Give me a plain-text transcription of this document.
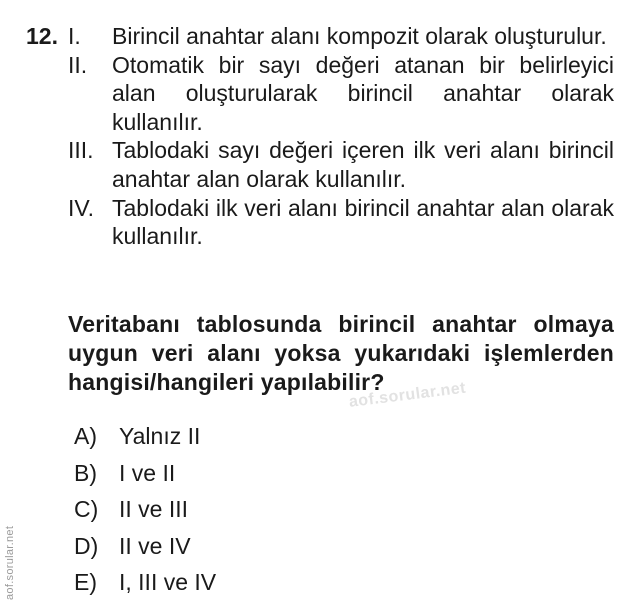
12. I.	Birincil anahtar alanı kompozit olarak oluşturulur.
II.	Otomatik bir sayı değeri atanan bir belirleyici alan oluşturularak birincil anahtar olarak kullanılır.
III. Tablodaki sayı değeri içeren ilk veri alanı birincil anahtar alan olarak kullanılır.
IV. Tablodaki ilk veri alanı birincil anahtar alan olarak kullanılır.
Veritabanı tablosunda birincil anahtar olmaya uygun veri alanı yoksa yukarıdaki işlemlerden hangisi/hangileri yapılabilir?
aof.sorular.net
A) Yalnız II
B) I ve II
C) II ve III
D) II ve IV
E) I, III ve IV
aof.sorular.net
